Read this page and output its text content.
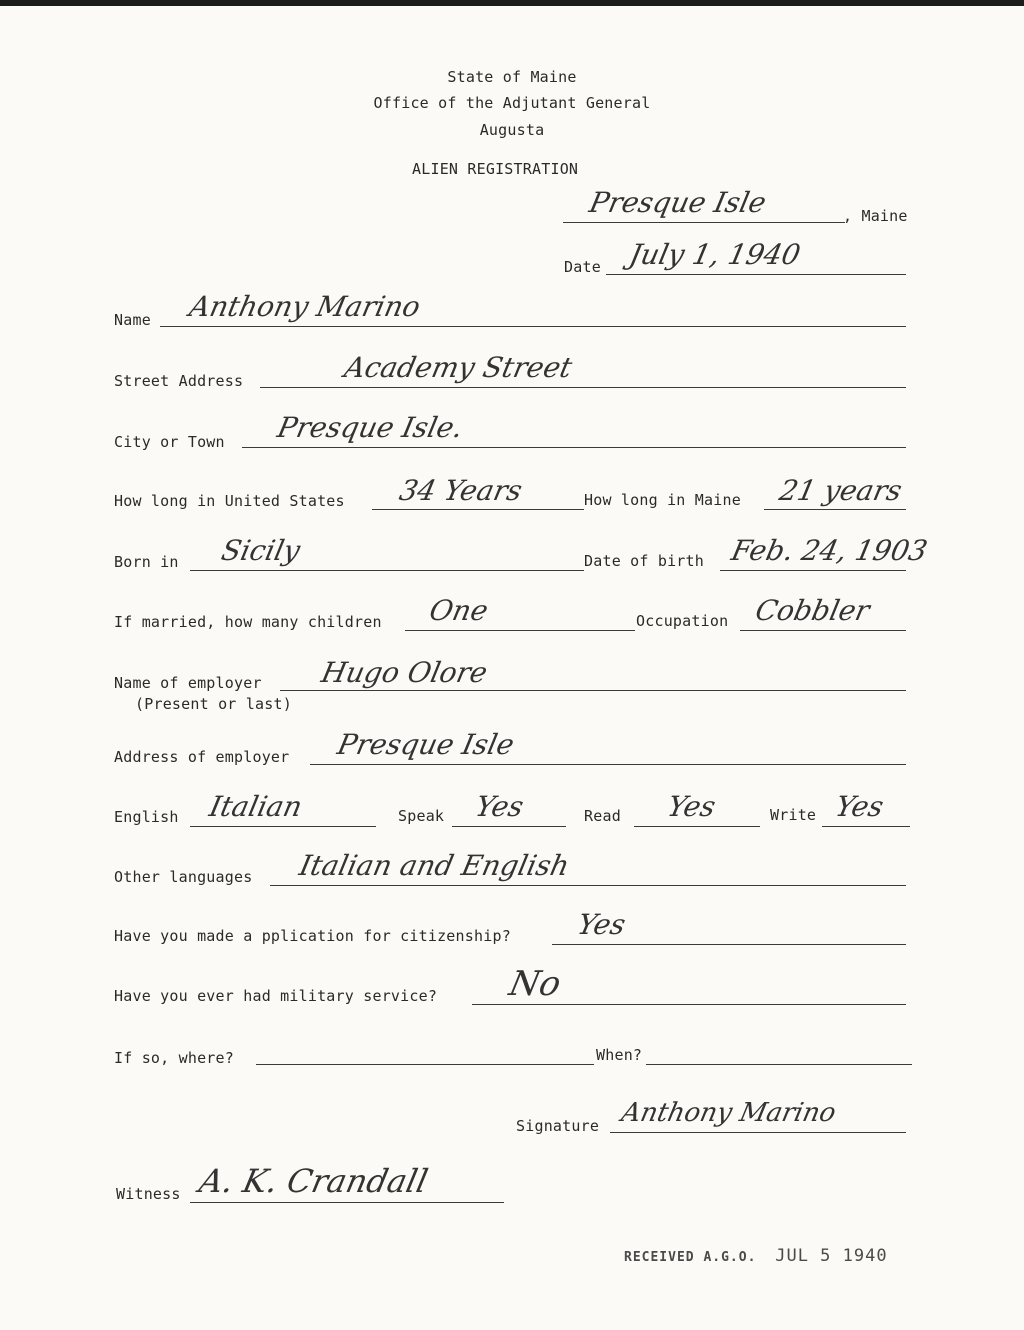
State of Maine
Office of the Adjutant General
Augusta
ALIEN REGISTRATION
Presque Isle	, Maine
Date July 1, 1940
Name Anthony Marino
Street Address	Academy Street
City or Town Presque Isle.
How long in United States 34 Years	How long in Maine 21 years
Born in Sicily	Date of birth Feb. 24, 1903
If married, how many children One	Occupation Cobbler
Name of employer
(Present or last)
Hugo Olore
Address of employer Presque Isle
English Italian	Speak Yes	Read Yes	Write Yes
Other languages Italian and English
Have you made a pplication for citizenship? Yes
Have you ever had military service? No
If so, where?	When?
Signature Anthony Marino
Witness A. K. Crandall
RECEIVED A.G.O. JUL 5 1940
